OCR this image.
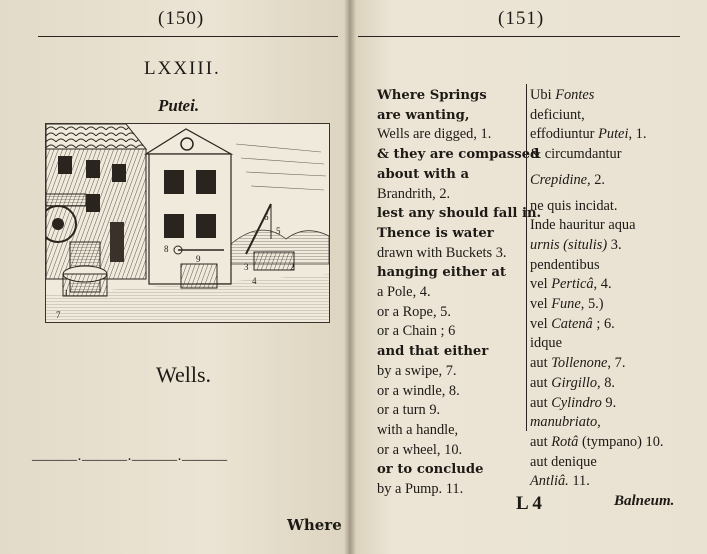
(150)
LXXIII.
Putei.
1
2
3
4
5
6
7
8
9
Wells.
———·———·———·———
Where
(151)
Where Springs
are wanting,
Wells are digged, 1.
& they are compassed
about with a
Brandrith, 2.
lest any should fall in.
Thence is water
drawn with Buckets 3.
hanging either at
a Pole, 4.
or a Rope, 5.
or a Chain ; 6
and that either
by a swipe, 7.
or a windle, 8.
or a turn 9.
with a handle,
or a wheel, 10.
or to conclude
by a Pump. 11.
Ubi Fontes
deficiunt,
effodiuntur Putei, 1.
& circumdantur

Crepidine, 2.

ne quis incidat.
Inde hauritur aqua
urnis (situlis) 3.
pendentibus
vel Perticâ, 4.
vel Fune, 5.)
vel Catenâ ; 6.
idque
aut Tollenone, 7.
aut Girgillo, 8.
aut Cylindro 9.
manubriato,
aut Rotâ (tympano) 10.
aut denique
Antliâ. 11.
L 4	Balneum.
